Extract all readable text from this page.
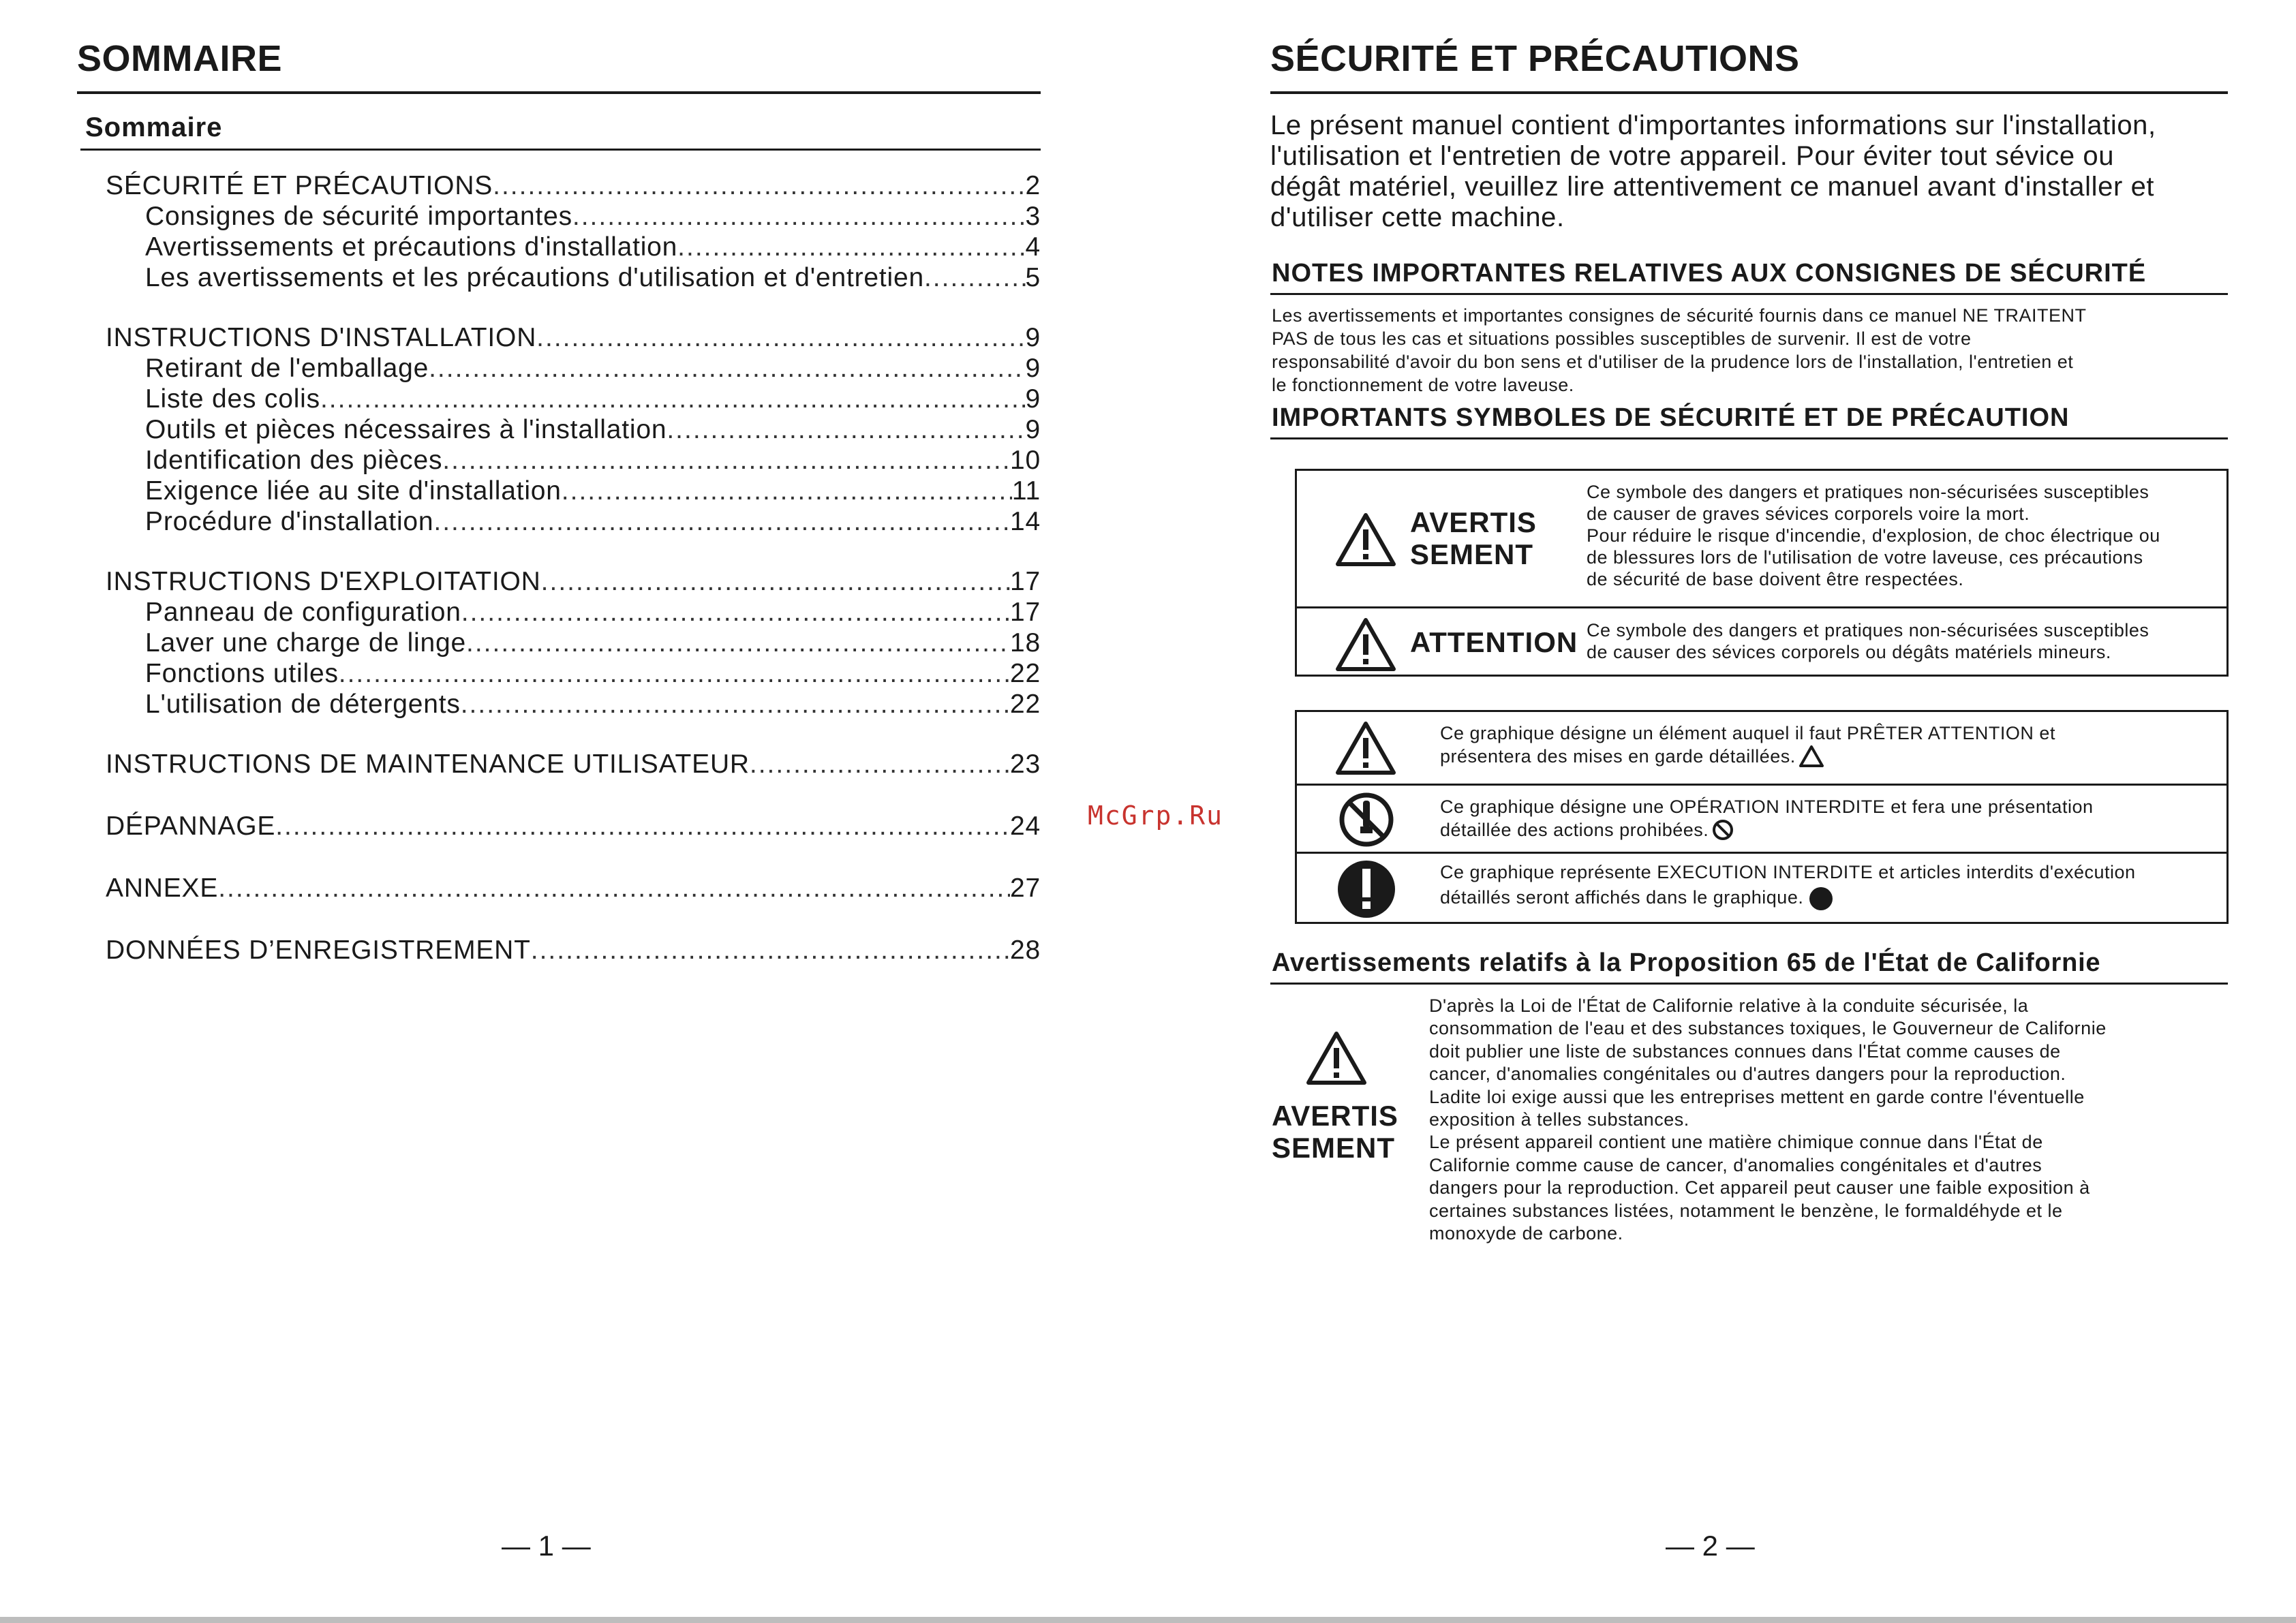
SOMMAIRE
Sommaire
SÉCURITÉ ET PRÉCAUTIONS .....	2
Consignes de sécurité importantes .....	3
Avertissements et précautions d'installation .....	4
Les avertissements et les précautions d'utilisation et d'entretien .....	5
INSTRUCTIONS D'INSTALLATION .....	9
Retirant de l'emballage .....	9
Liste des colis .....	9
Outils et pièces nécessaires à l'installation .....	9
Identification des pièces .....	10
Exigence liée au site d'installation .....	11
Procédure d'installation .....	14
INSTRUCTIONS D'EXPLOITATION .....	17
Panneau de configuration .....	17
Laver une charge de linge .....	18
Fonctions utiles .....	22
L'utilisation de détergents .....	22
INSTRUCTIONS DE MAINTENANCE UTILISATEUR .....	23
DÉPANNAGE .....	24
ANNEXE .....	27
DONNÉES D’ENREGISTREMENT .....	28
— 1 —
McGrp.Ru
SÉCURITÉ ET PRÉCAUTIONS
Le présent manuel contient d'importantes informations sur l'installation,
l'utilisation et l'entretien de votre appareil. Pour éviter tout sévice ou
dégât matériel, veuillez lire attentivement ce manuel avant d'installer et
d'utiliser cette machine.
NOTES IMPORTANTES RELATIVES AUX CONSIGNES DE SÉCURITÉ
Les avertissements et importantes consignes de sécurité fournis dans ce manuel NE TRAITENT
PAS de tous les cas et situations possibles susceptibles de survenir. Il est de votre
responsabilité d'avoir du bon sens et d'utiliser de la prudence lors de l'installation, l'entretien et
le fonctionnement de votre laveuse.
IMPORTANTS SYMBOLES DE SÉCURITÉ ET DE PRÉCAUTION
AVERTIS
SEMENT
Ce symbole des dangers et pratiques non-sécurisées susceptibles
de causer de graves sévices corporels voire la mort.
Pour réduire le risque d'incendie, d'explosion, de choc électrique ou
de blessures lors de l'utilisation de votre laveuse, ces précautions
de sécurité de base doivent être respectées.
ATTENTION Ce symbole des dangers et pratiques non-sécurisées susceptibles
de causer des sévices corporels ou dégâts matériels mineurs.
Ce graphique désigne un élément auquel il faut PRÊTER ATTENTION et
présentera des mises en garde détaillées.
Ce graphique désigne une OPÉRATION INTERDITE et fera une présentation
détaillée des actions prohibées.
Ce graphique représente EXECUTION INTERDITE et articles interdits d'exécution
détaillés seront affichés dans le graphique.
Avertissements relatifs à la Proposition 65 de l'État de Californie
AVERTIS
SEMENT
D'après la Loi de l'État de Californie relative à la conduite sécurisée, la
consommation de l'eau et des substances toxiques, le Gouverneur de Californie
doit publier une liste de substances connues dans l'État comme causes de
cancer, d'anomalies congénitales ou d'autres dangers pour la reproduction.
Ladite loi exige aussi que les entreprises mettent en garde contre l'éventuelle
exposition à telles substances.
Le présent appareil contient une matière chimique connue dans l'État de
Californie comme cause de cancer, d'anomalies congénitales et d'autres
dangers pour la reproduction. Cet appareil peut causer une faible exposition à
certaines substances listées, notamment le benzène, le formaldéhyde et le
monoxyde de carbone.
— 2 —
